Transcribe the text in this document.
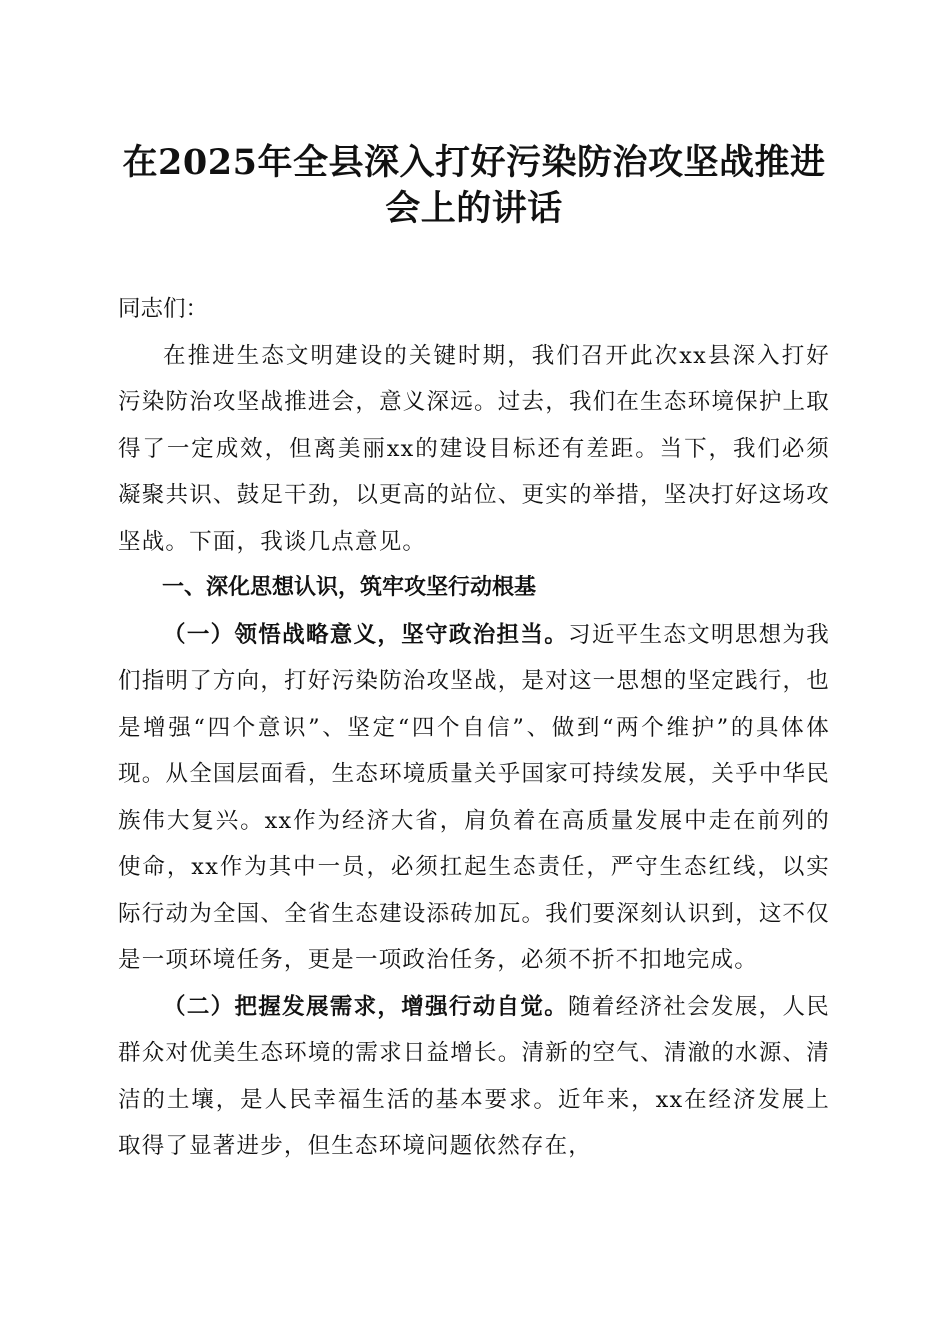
在2025年全县深入打好污染防治攻坚战推进
会上的讲话

同志们：

在推进生态文明建设的关键时期，我们召开此次xx县深入打好污染防治攻坚战推进会，意义深远。过去，我们在生态环境保护上取得了一定成效，但离美丽xx的建设目标还有差距。当下，我们必须凝聚共识、鼓足干劲，以更高的站位、更实的举措，坚决打好这场攻坚战。下面，我谈几点意见。

一、深化思想认识，筑牢攻坚行动根基

（一）领悟战略意义，坚守政治担当。习近平生态文明思想为我们指明了方向，打好污染防治攻坚战，是对这一思想的坚定践行，也是增强“四个意识”、坚定“四个自信”、做到“两个维护”的具体体现。从全国层面看，生态环境质量关乎国家可持续发展，关乎中华民族伟大复兴。xx作为经济大省，肩负着在高质量发展中走在前列的使命，xx作为其中一员，必须扛起生态责任，严守生态红线，以实际行动为全国、全省生态建设添砖加瓦。我们要深刻认识到，这不仅是一项环境任务，更是一项政治任务，必须不折不扣地完成。

（二）把握发展需求，增强行动自觉。随着经济社会发展，人民群众对优美生态环境的需求日益增长。清新的空气、清澈的水源、清洁的土壤，是人民幸福生活的基本要求。近年来，xx在经济发展上取得了显著进步，但生态环境问题依然存在，
